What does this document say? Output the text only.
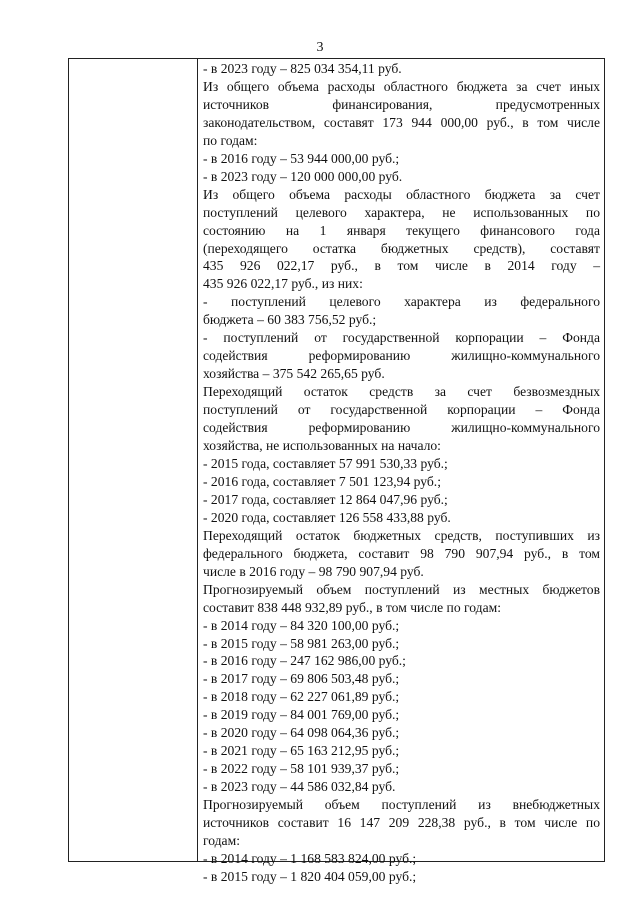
3
- в 2023 году – 825 034 354,11 руб.
Из общего объема расходы областного бюджета за счет иных
источников финансирования, предусмотренных
законодательством, составят 173 944 000,00 руб., в том числе
по годам:
- в 2016 году – 53 944 000,00 руб.;
- в 2023 году – 120 000 000,00 руб.
Из общего объема расходы областного бюджета за счет
поступлений целевого характера, не использованных по
состоянию на 1 января текущего финансового года
(переходящего остатка бюджетных средств), составят
435 926 022,17 руб., в том числе в 2014 году –
435 926 022,17 руб., из них:
- поступлений целевого характера из федерального
бюджета – 60 383 756,52 руб.;
- поступлений от государственной корпорации – Фонда
содействия реформированию жилищно-коммунального
хозяйства – 375 542 265,65 руб.
Переходящий остаток средств за счет безвозмездных
поступлений от государственной корпорации – Фонда
содействия реформированию жилищно-коммунального
хозяйства, не использованных на начало:
- 2015 года, составляет 57 991 530,33 руб.;
- 2016 года, составляет 7 501 123,94 руб.;
- 2017 года, составляет 12 864 047,96 руб.;
- 2020 года, составляет 126 558 433,88 руб.
Переходящий остаток бюджетных средств, поступивших из
федерального бюджета, составит 98 790 907,94 руб., в том
числе в 2016 году – 98 790 907,94 руб.
Прогнозируемый объем поступлений из местных бюджетов
составит 838 448 932,89 руб., в том числе по годам:
- в 2014 году – 84 320 100,00 руб.;
- в 2015 году – 58 981 263,00 руб.;
- в 2016 году – 247 162 986,00 руб.;
- в 2017 году – 69 806 503,48 руб.;
- в 2018 году – 62 227 061,89 руб.;
- в 2019 году – 84 001 769,00 руб.;
- в 2020 году – 64 098 064,36 руб.;
- в 2021 году – 65 163 212,95 руб.;
- в 2022 году – 58 101 939,37 руб.;
- в 2023 году – 44 586 032,84 руб.
Прогнозируемый объем поступлений из внебюджетных
источников составит 16 147 209 228,38 руб., в том числе по
годам:
- в 2014 году – 1 168 583 824,00 руб.;
- в 2015 году – 1 820 404 059,00 руб.;
